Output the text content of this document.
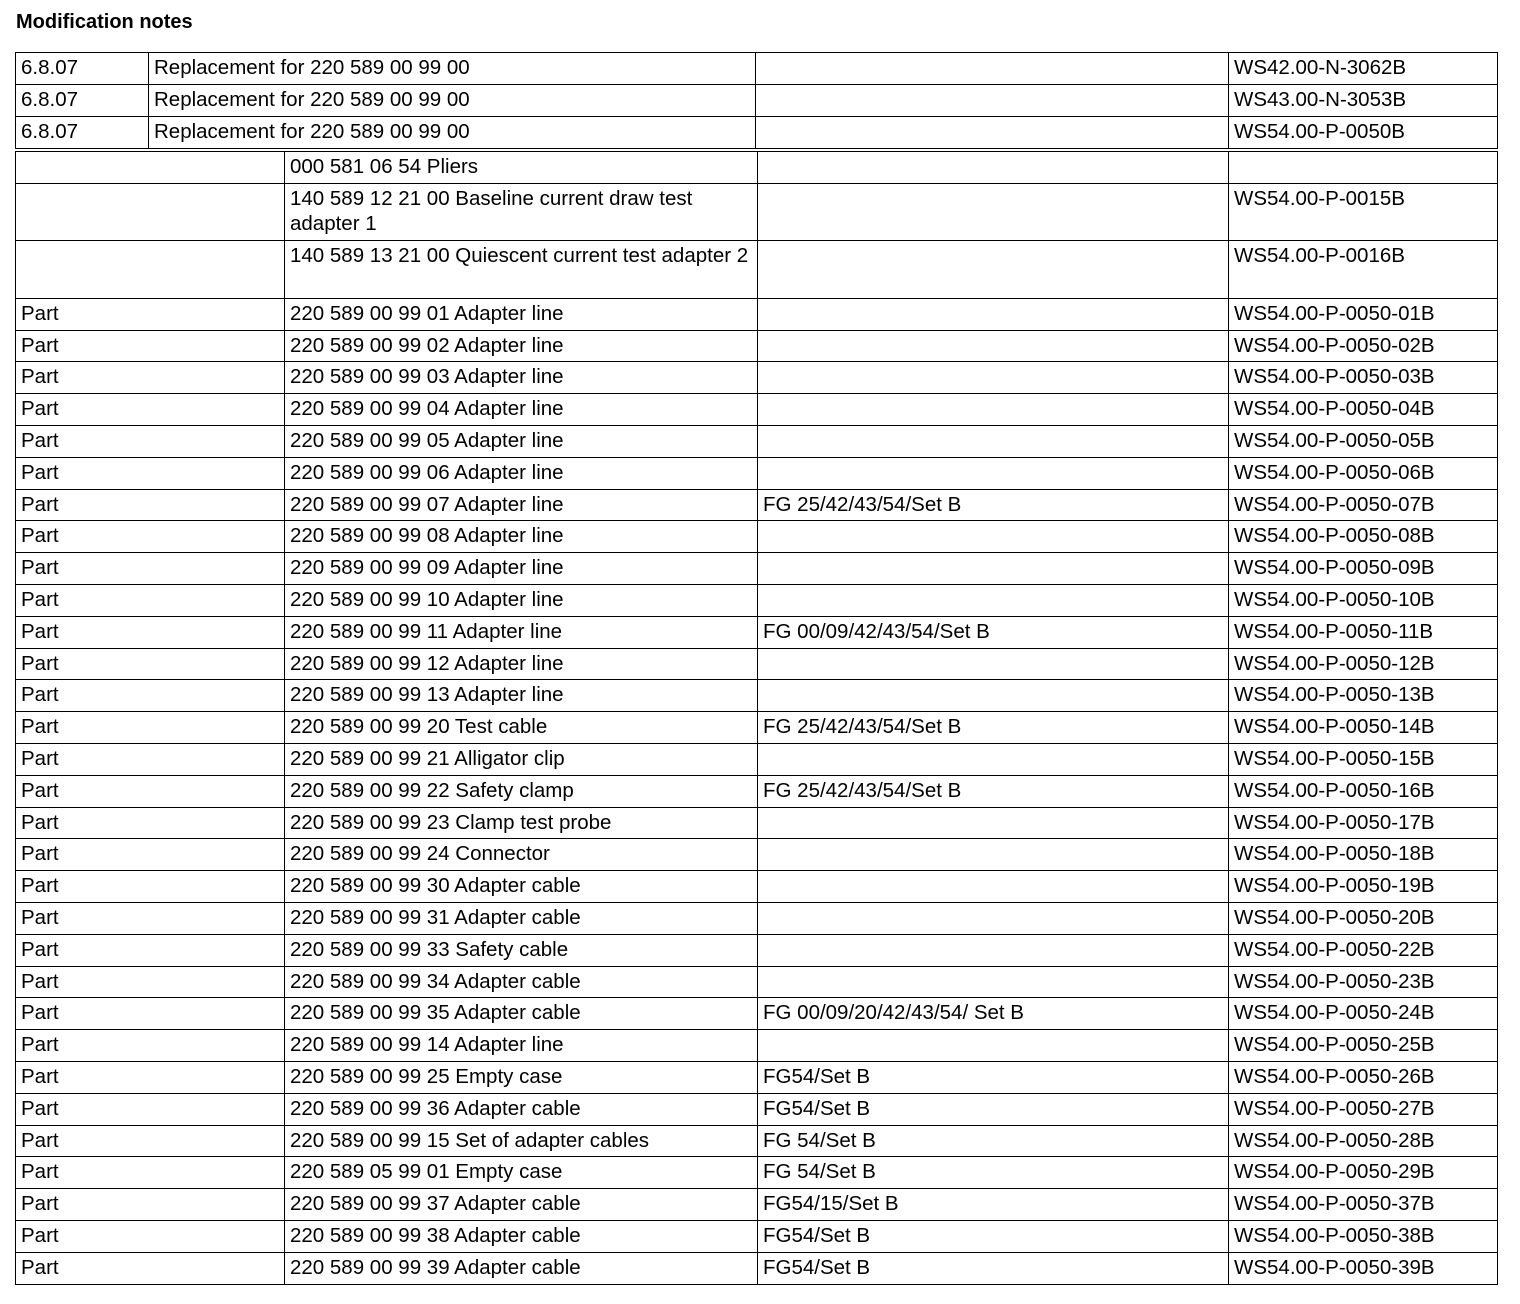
Modification notes
6.8.07	Replacement for 220 589 00 99 00		WS42.00-N-3062B
6.8.07	Replacement for 220 589 00 99 00		WS43.00-N-3053B
6.8.07	Replacement for 220 589 00 99 00		WS54.00-P-0050B
	000 581 06 54 Pliers		
	140 589 12 21 00 Baseline current draw test adapter 1		WS54.00-P-0015B
	140 589 13 21 00 Quiescent current test adapter 2		WS54.00-P-0016B
Part	220 589 00 99 01 Adapter line		WS54.00-P-0050-01B
Part	220 589 00 99 02 Adapter line		WS54.00-P-0050-02B
Part	220 589 00 99 03 Adapter line		WS54.00-P-0050-03B
Part	220 589 00 99 04 Adapter line		WS54.00-P-0050-04B
Part	220 589 00 99 05 Adapter line		WS54.00-P-0050-05B
Part	220 589 00 99 06 Adapter line		WS54.00-P-0050-06B
Part	220 589 00 99 07 Adapter line	FG 25/42/43/54/Set B	WS54.00-P-0050-07B
Part	220 589 00 99 08 Adapter line		WS54.00-P-0050-08B
Part	220 589 00 99 09 Adapter line		WS54.00-P-0050-09B
Part	220 589 00 99 10 Adapter line		WS54.00-P-0050-10B
Part	220 589 00 99 11 Adapter line	FG 00/09/42/43/54/Set B	WS54.00-P-0050-11B
Part	220 589 00 99 12 Adapter line		WS54.00-P-0050-12B
Part	220 589 00 99 13 Adapter line		WS54.00-P-0050-13B
Part	220 589 00 99 20 Test cable	FG 25/42/43/54/Set B	WS54.00-P-0050-14B
Part	220 589 00 99 21 Alligator clip		WS54.00-P-0050-15B
Part	220 589 00 99 22 Safety clamp	FG 25/42/43/54/Set B	WS54.00-P-0050-16B
Part	220 589 00 99 23 Clamp test probe		WS54.00-P-0050-17B
Part	220 589 00 99 24 Connector		WS54.00-P-0050-18B
Part	220 589 00 99 30 Adapter cable		WS54.00-P-0050-19B
Part	220 589 00 99 31 Adapter cable		WS54.00-P-0050-20B
Part	220 589 00 99 33 Safety cable		WS54.00-P-0050-22B
Part	220 589 00 99 34 Adapter cable		WS54.00-P-0050-23B
Part	220 589 00 99 35 Adapter cable	FG 00/09/20/42/43/54/ Set B	WS54.00-P-0050-24B
Part	220 589 00 99 14 Adapter line		WS54.00-P-0050-25B
Part	220 589 00 99 25 Empty case	FG54/Set B	WS54.00-P-0050-26B
Part	220 589 00 99 36 Adapter cable	FG54/Set B	WS54.00-P-0050-27B
Part	220 589 00 99 15 Set of adapter cables	FG 54/Set B	WS54.00-P-0050-28B
Part	220 589 05 99 01 Empty case	FG 54/Set B	WS54.00-P-0050-29B
Part	220 589 00 99 37 Adapter cable	FG54/15/Set B	WS54.00-P-0050-37B
Part	220 589 00 99 38 Adapter cable	FG54/Set B	WS54.00-P-0050-38B
Part	220 589 00 99 39 Adapter cable	FG54/Set B	WS54.00-P-0050-39B
